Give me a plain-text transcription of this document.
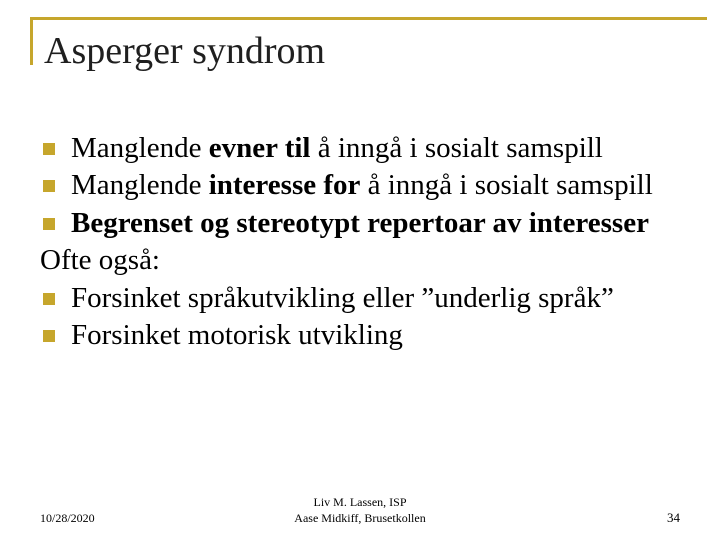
Asperger syndrom
Manglende evner til å inngå i sosialt samspill
Manglende interesse for å inngå i sosialt samspill
Begrenset og stereotypt repertoar av interesser
Ofte også:
Forsinket språkutvikling eller ”underlig språk”
Forsinket motorisk utvikling
10/28/2020
Liv M. Lassen, ISP
Aase Midkiff, Brusetkollen	34
